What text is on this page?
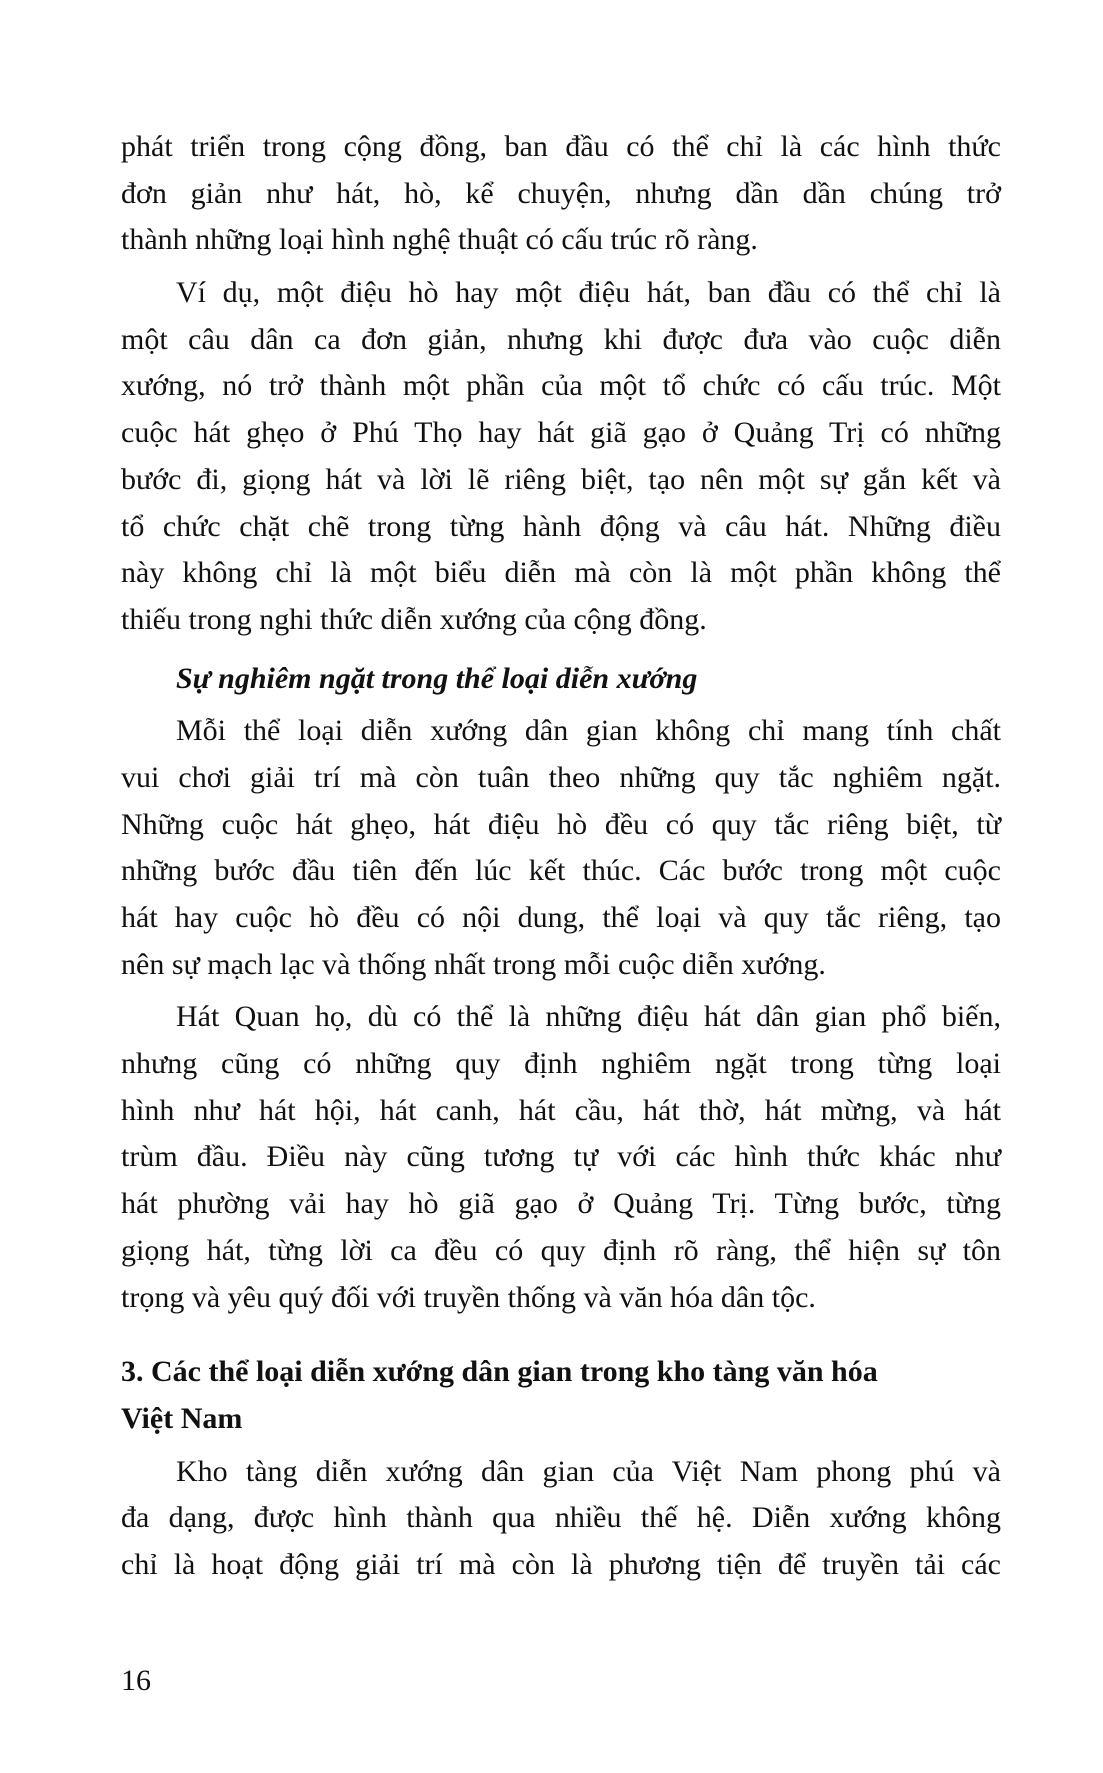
phát triển trong cộng đồng, ban đầu có thể chỉ là các hình thức
đơn giản như hát, hò, kể chuyện, nhưng dần dần chúng trở
thành những loại hình nghệ thuật có cấu trúc rõ ràng.
Ví dụ, một điệu hò hay một điệu hát, ban đầu có thể chỉ là
một câu dân ca đơn giản, nhưng khi được đưa vào cuộc diễn
xướng, nó trở thành một phần của một tổ chức có cấu trúc. Một
cuộc hát ghẹo ở Phú Thọ hay hát giã gạo ở Quảng Trị có những
bước đi, giọng hát và lời lẽ riêng biệt, tạo nên một sự gắn kết và
tổ chức chặt chẽ trong từng hành động và câu hát. Những điều
này không chỉ là một biểu diễn mà còn là một phần không thể
thiếu trong nghi thức diễn xướng của cộng đồng.
Sự nghiêm ngặt trong thể loại diễn xướng
Mỗi thể loại diễn xướng dân gian không chỉ mang tính chất
vui chơi giải trí mà còn tuân theo những quy tắc nghiêm ngặt.
Những cuộc hát ghẹo, hát điệu hò đều có quy tắc riêng biệt, từ
những bước đầu tiên đến lúc kết thúc. Các bước trong một cuộc
hát hay cuộc hò đều có nội dung, thể loại và quy tắc riêng, tạo
nên sự mạch lạc và thống nhất trong mỗi cuộc diễn xướng.
Hát Quan họ, dù có thể là những điệu hát dân gian phổ biến,
nhưng cũng có những quy định nghiêm ngặt trong từng loại
hình như hát hội, hát canh, hát cầu, hát thờ, hát mừng, và hát
trùm đầu. Điều này cũng tương tự với các hình thức khác như
hát phường vải hay hò giã gạo ở Quảng Trị. Từng bước, từng
giọng hát, từng lời ca đều có quy định rõ ràng, thể hiện sự tôn
trọng và yêu quý đối với truyền thống và văn hóa dân tộc.
3. Các thể loại diễn xướng dân gian trong kho tàng văn hóa
Việt Nam
Kho tàng diễn xướng dân gian của Việt Nam phong phú và
đa dạng, được hình thành qua nhiều thế hệ. Diễn xướng không
chỉ là hoạt động giải trí mà còn là phương tiện để truyền tải các
16
